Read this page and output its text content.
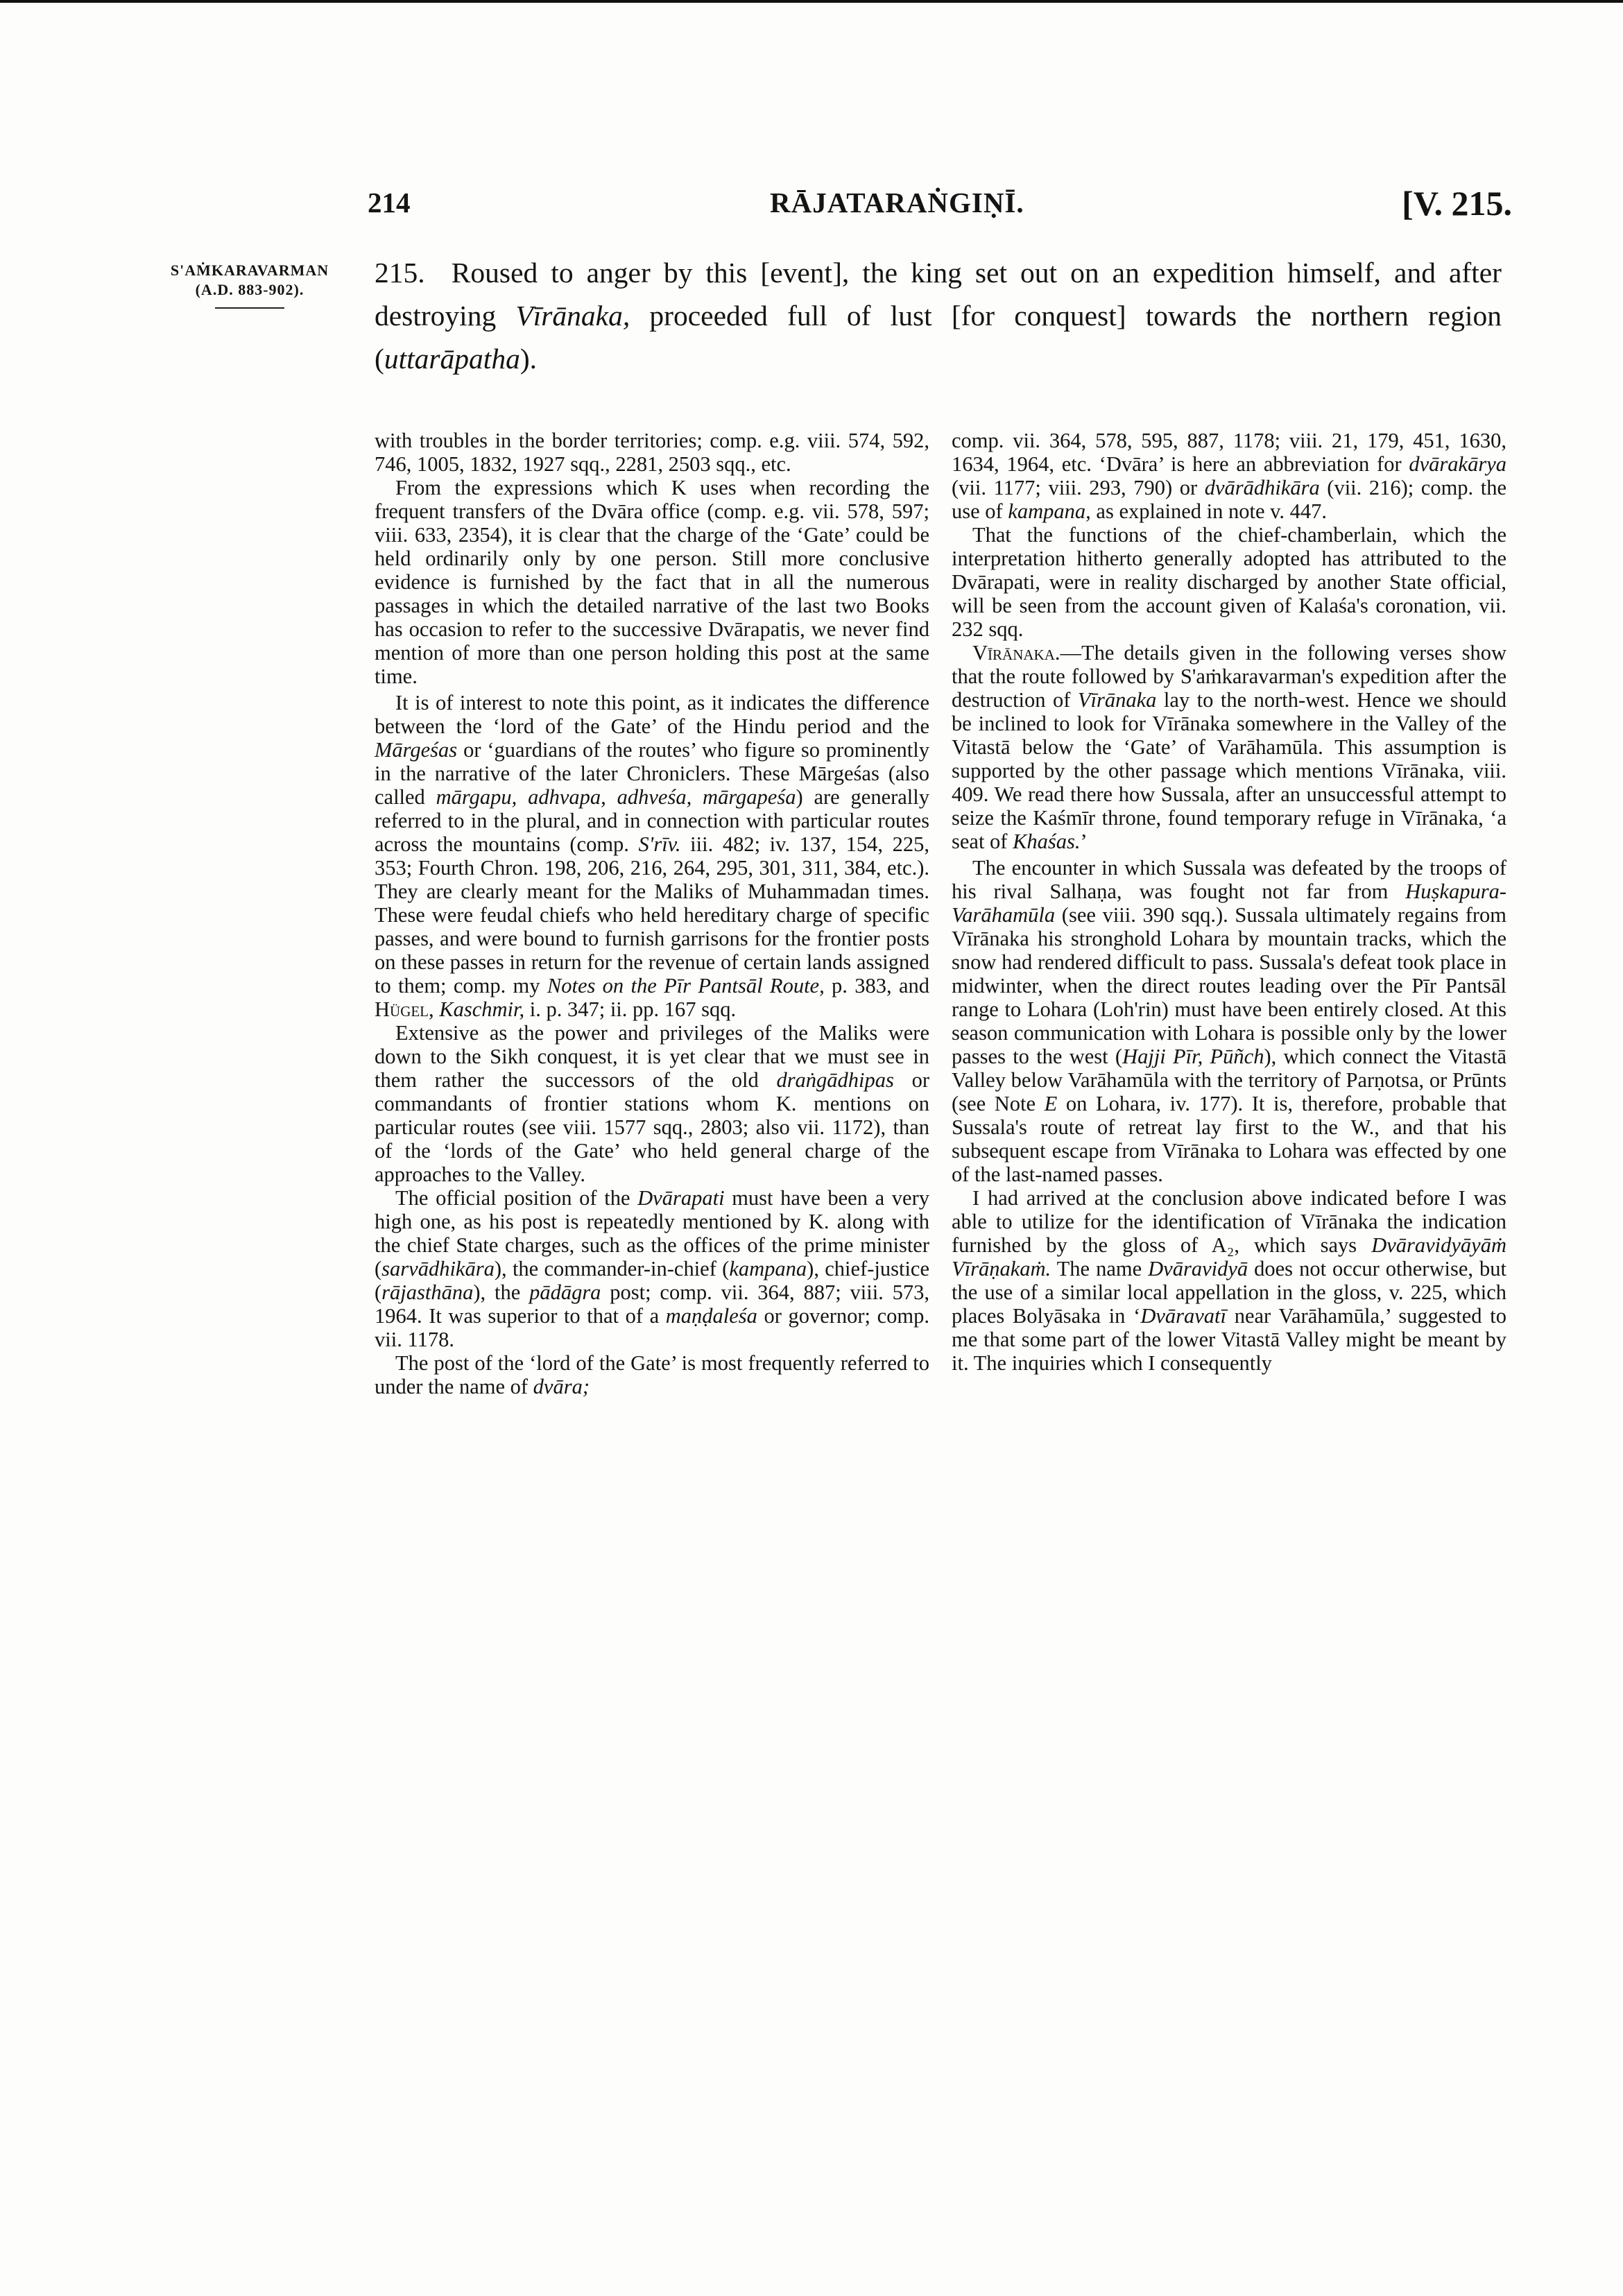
214	RĀJATARAṄGIṆĪ.	[V. 215.
S'AṀKARAVARMAN
(A.D. 883-902).
215. Roused to anger by this [event], the king set out on an expedition himself, and after destroying Vīrānaka, proceeded full of lust [for conquest] towards the northern region (uttarāpatha).

with troubles in the border territories; comp. e.g. viii. 574, 592, 746, 1005, 1832, 1927 sqq., 2281, 2503 sqq., etc.

From the expressions which K uses when recording the frequent transfers of the Dvāra office (comp. e.g. vii. 578, 597; viii. 633, 2354), it is clear that the charge of the ‘Gate’ could be held ordinarily only by one person. Still more conclusive evidence is furnished by the fact that in all the numerous passages in which the detailed narrative of the last two Books has occasion to refer to the successive Dvārapatis, we never find mention of more than one person holding this post at the same time.

It is of interest to note this point, as it indicates the difference between the ‘lord of the Gate’ of the Hindu period and the Mārgeśas or ‘guardians of the routes’ who figure so prominently in the narrative of the later Chroniclers. These Mārgeśas (also called mārgapu, adhvapa, adhveśa, mārgapeśa) are generally referred to in the plural, and in connection with particular routes across the mountains (comp. S'rīv. iii. 482; iv. 137, 154, 225, 353; Fourth Chron. 198, 206, 216, 264, 295, 301, 311, 384, etc.). They are clearly meant for the Maliks of Muhammadan times. These were feudal chiefs who held hereditary charge of specific passes, and were bound to furnish garrisons for the frontier posts on these passes in return for the revenue of certain lands assigned to them; comp. my Notes on the Pīr Pantsāl Route, p. 383, and Hügel, Kaschmir, i. p. 347; ii. pp. 167 sqq.

Extensive as the power and privileges of the Maliks were down to the Sikh conquest, it is yet clear that we must see in them rather the successors of the old draṅgādhipas or commandants of frontier stations whom K. mentions on particular routes (see viii. 1577 sqq., 2803; also vii. 1172), than of the ‘lords of the Gate’ who held general charge of the approaches to the Valley.

The official position of the Dvārapati must have been a very high one, as his post is repeatedly mentioned by K. along with the chief State charges, such as the offices of the prime minister (sarvādhikāra), the commander-in-chief (kampana), chief-justice (rājasthāna), the pādāgra post; comp. vii. 364, 887; viii. 573, 1964. It was superior to that of a maṇḍaleśa or governor; comp. vii. 1178.

The post of the ‘lord of the Gate’ is most frequently referred to under the name of dvāra;

comp. vii. 364, 578, 595, 887, 1178; viii. 21, 179, 451, 1630, 1634, 1964, etc. ‘Dvāra’ is here an abbreviation for dvārakārya (vii. 1177; viii. 293, 790) or dvārādhikāra (vii. 216); comp. the use of kampana, as explained in note v. 447.

That the functions of the chief-chamberlain, which the interpretation hitherto generally adopted has attributed to the Dvārapati, were in reality discharged by another State official, will be seen from the account given of Kalaśa's coronation, vii. 232 sqq.

Vīrānaka.—The details given in the following verses show that the route followed by S'aṁkaravarman's expedition after the destruction of Vīrānaka lay to the north-west. Hence we should be inclined to look for Vīrānaka somewhere in the Valley of the Vitastā below the ‘Gate’ of Varāhamūla. This assumption is supported by the other passage which mentions Vīrānaka, viii. 409. We read there how Sussala, after an unsuccessful attempt to seize the Kaśmīr throne, found temporary refuge in Vīrānaka, ‘a seat of Khaśas.’

The encounter in which Sussala was defeated by the troops of his rival Salhaṇa, was fought not far from Huṣkapura-Varāhamūla (see viii. 390 sqq.). Sussala ultimately regains from Vīrānaka his stronghold Lohara by mountain tracks, which the snow had rendered difficult to pass. Sussala's defeat took place in midwinter, when the direct routes leading over the Pīr Pantsāl range to Lohara (Loh'rin) must have been entirely closed. At this season communication with Lohara is possible only by the lower passes to the west (Hajji Pīr, Pūñch), which connect the Vitastā Valley below Varāhamūla with the territory of Parṇotsa, or Prūnts (see Note E on Lohara, iv. 177). It is, therefore, probable that Sussala's route of retreat lay first to the W., and that his subsequent escape from Vīrānaka to Lohara was effected by one of the last-named passes.

I had arrived at the conclusion above indicated before I was able to utilize for the identification of Vīrānaka the indication furnished by the gloss of A₂, which says Dvāravidyāyāṁ Vīrāṇakaṁ. The name Dvāravidyā does not occur otherwise, but the use of a similar local appellation in the gloss, v. 225, which places Bolyāsaka in ‘Dvāravatī near Varāhamūla,’ suggested to me that some part of the lower Vitastā Valley might be meant by it. The inquiries which I consequently
